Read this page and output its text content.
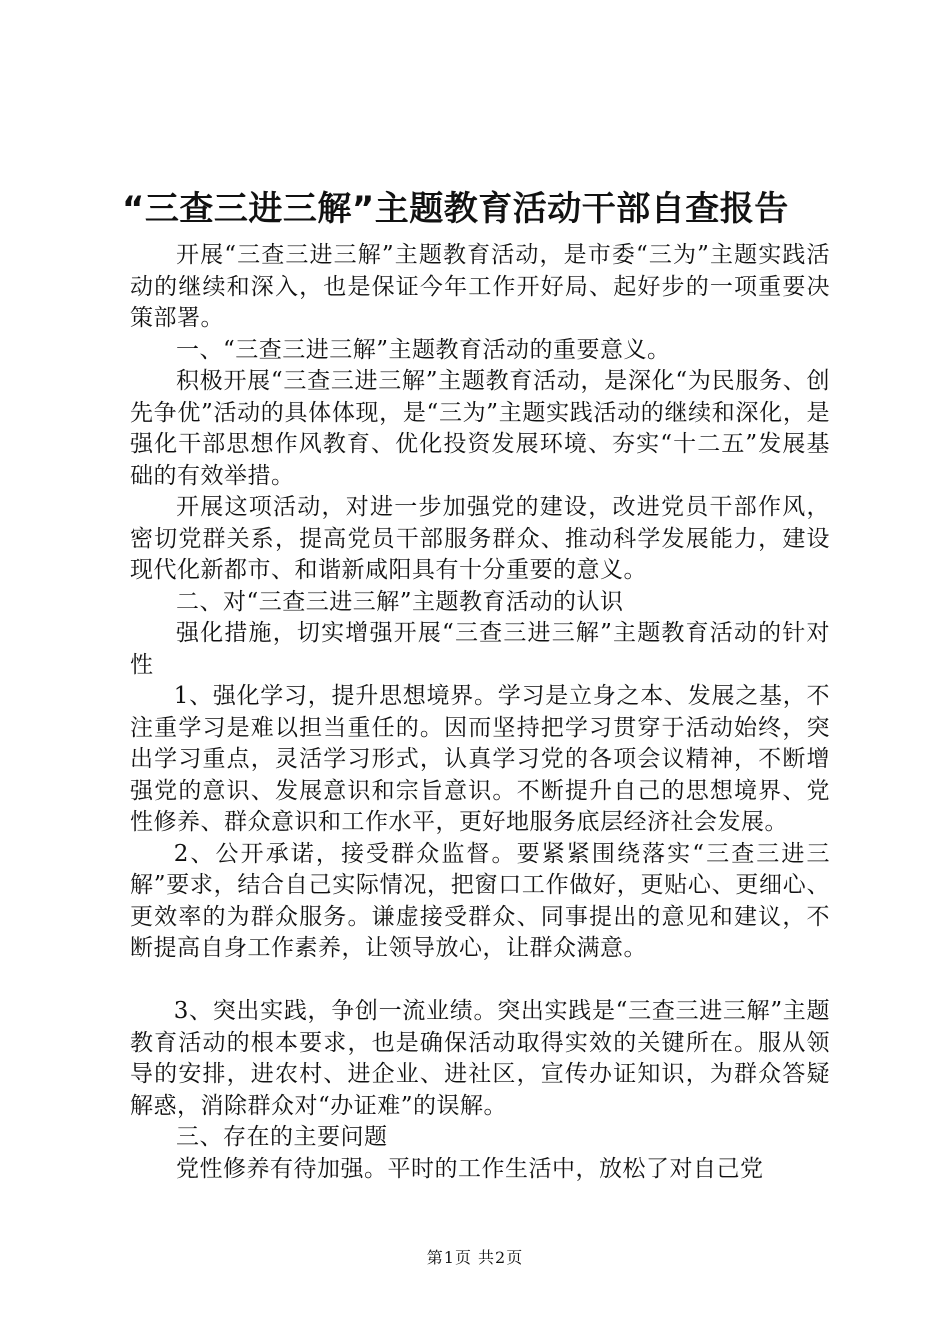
“三查三进三解”主题教育活动干部自查报告

开展“三查三进三解”主题教育活动，是市委“三为”主题实践活动的继续和深入，也是保证今年工作开好局、起好步的一项重要决策部署。

一、“三查三进三解”主题教育活动的重要意义。

积极开展“三查三进三解”主题教育活动，是深化“为民服务、创先争优”活动的具体体现，是“三为”主题实践活动的继续和深化，是强化干部思想作风教育、优化投资发展环境、夯实“十二五”发展基础的有效举措。

开展这项活动，对进一步加强党的建设，改进党员干部作风，密切党群关系，提高党员干部服务群众、推动科学发展能力，建设现代化新都市、和谐新咸阳具有十分重要的意义。

二、对“三查三进三解”主题教育活动的认识

强化措施，切实增强开展“三查三进三解”主题教育活动的针对性

1、强化学习，提升思想境界。学习是立身之本、发展之基，不注重学习是难以担当重任的。因而坚持把学习贯穿于活动始终，突出学习重点，灵活学习形式，认真学习党的各项会议精神，不断增强党的意识、发展意识和宗旨意识。不断提升自己的思想境界、党性修养、群众意识和工作水平，更好地服务底层经济社会发展。

2、公开承诺，接受群众监督。要紧紧围绕落实“三查三进三解”要求，结合自己实际情况，把窗口工作做好，更贴心、更细心、更效率的为群众服务。谦虚接受群众、同事提出的意见和建议，不断提高自身工作素养，让领导放心，让群众满意。

3、突出实践，争创一流业绩。突出实践是“三查三进三解”主题教育活动的根本要求，也是确保活动取得实效的关键所在。服从领导的安排，进农村、进企业、进社区，宣传办证知识，为群众答疑解惑，消除群众对“办证难”的误解。

三、存在的主要问题

党性修养有待加强。平时的工作生活中，放松了对自己党

第1页 共2页
